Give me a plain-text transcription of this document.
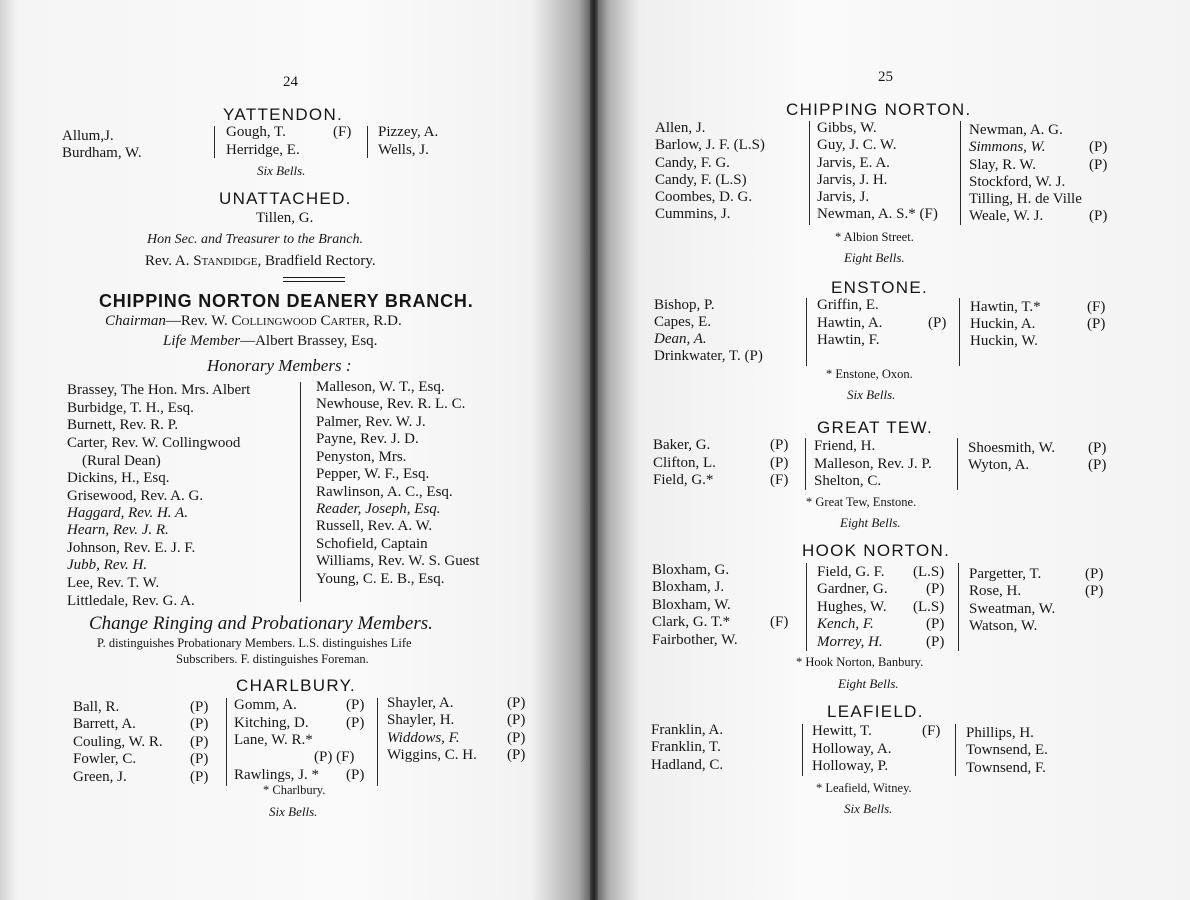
24
YATTENDON.
Allum,J.
Burdham, W.
Gough, T.	(F)
Herridge, E.
Pizzey, A.
Wells, J.
Six Bells.
UNATTACHED.
Tillen, G.
Hon Sec. and Treasurer to the Branch.
Rev. A. Standidge, Bradfield Rectory.
CHIPPING NORTON DEANERY BRANCH.
Chairman—Rev. W. Collingwood Carter, R.D.
Life Member—Albert Brassey, Esq.
Honorary Members :
Brassey, The Hon. Mrs. Albert
Burbidge, T. H., Esq.
Burnett, Rev. R. P.
Carter, Rev. W. Collingwood
(Rural Dean)
Dickins, H., Esq.
Grisewood, Rev. A. G.
Haggard, Rev. H. A.
Hearn, Rev. J. R.
Johnson, Rev. E. J. F.
Jubb, Rev. H.
Lee, Rev. T. W.
Littledale, Rev. G. A.
Malleson, W. T., Esq.
Newhouse, Rev. R. L. C.
Palmer, Rev. W. J.
Payne, Rev. J. D.
Penyston, Mrs.
Pepper, W. F., Esq.
Rawlinson, A. C., Esq.
Reader, Joseph, Esq.
Russell, Rev. A. W.
Schofield, Captain
Williams, Rev. W. S. Guest
Young, C. E. B., Esq.
Change Ringing and Probationary Members.
P. distinguishes Probationary Members. L.S. distinguishes Life
Subscribers. F. distinguishes Foreman.
CHARLBURY.
Ball, R.
Barrett, A.
Couling, W. R.
Fowler, C.
Green, J.
(P)
(P)
(P)
(P)
(P)
Gomm, A.
Kitching, D.
Lane, W. R.*
Rawlings, J. *
(P)
(P)
(P) (F)
(P)
Shayler, A.
Shayler, H.
Widdows, F.
Wiggins, C. H.
(P)
(P)
(P)
(P)
* Charlbury.
Six Bells.
25
CHIPPING NORTON.
Allen, J.
Barlow, J. F. (L.S)
Candy, F. G.
Candy, F. (L.S)
Coombes, D. G.
Cummins, J.
Gibbs, W.
Guy, J. C. W.
Jarvis, E. A.
Jarvis, J. H.
Jarvis, J.
Newman, A. S.* (F)
Newman, A. G.
Simmons, W.
Slay, R. W.
Stockford, W. J.
Tilling, H. de Ville
Weale, W. J.
(P)
(P)
(P)
* Albion Street.
Eight Bells.
ENSTONE.
Bishop, P.
Capes, E.
Dean, A.
Drinkwater, T. (P)
Griffin, E.
Hawtin, A.
Hawtin, F.
(P)
Hawtin, T.*
Huckin, A.
Huckin, W.
(F)
(P)
* Enstone, Oxon.
Six Bells.
GREAT TEW.
Baker, G.
Clifton, L.
Field, G.*
(P)
(P)
(F)
Friend, H.
Malleson, Rev. J. P.
Shelton, C.
Shoesmith, W.
Wyton, A.
(P)
(P)
* Great Tew, Enstone.
Eight Bells.
HOOK NORTON.
Bloxham, G.
Bloxham, J.
Bloxham, W.
Clark, G. T.*
Fairbother, W.
(F)
Field, G. F.
Gardner, G.
Hughes, W.
Kench, F.
Morrey, H.
(L.S)
(P)
(L.S)
(P)
(P)
Pargetter, T.
Rose, H.
Sweatman, W.
Watson, W.
(P)
(P)
* Hook Norton, Banbury.
Eight Bells.
LEAFIELD.
Franklin, A.
Franklin, T.
Hadland, C.
Hewitt, T.
Holloway, A.
Holloway, P.
(F) Phillips, H.
Townsend, E.
Townsend, F.
* Leafield, Witney.
Six Bells.
